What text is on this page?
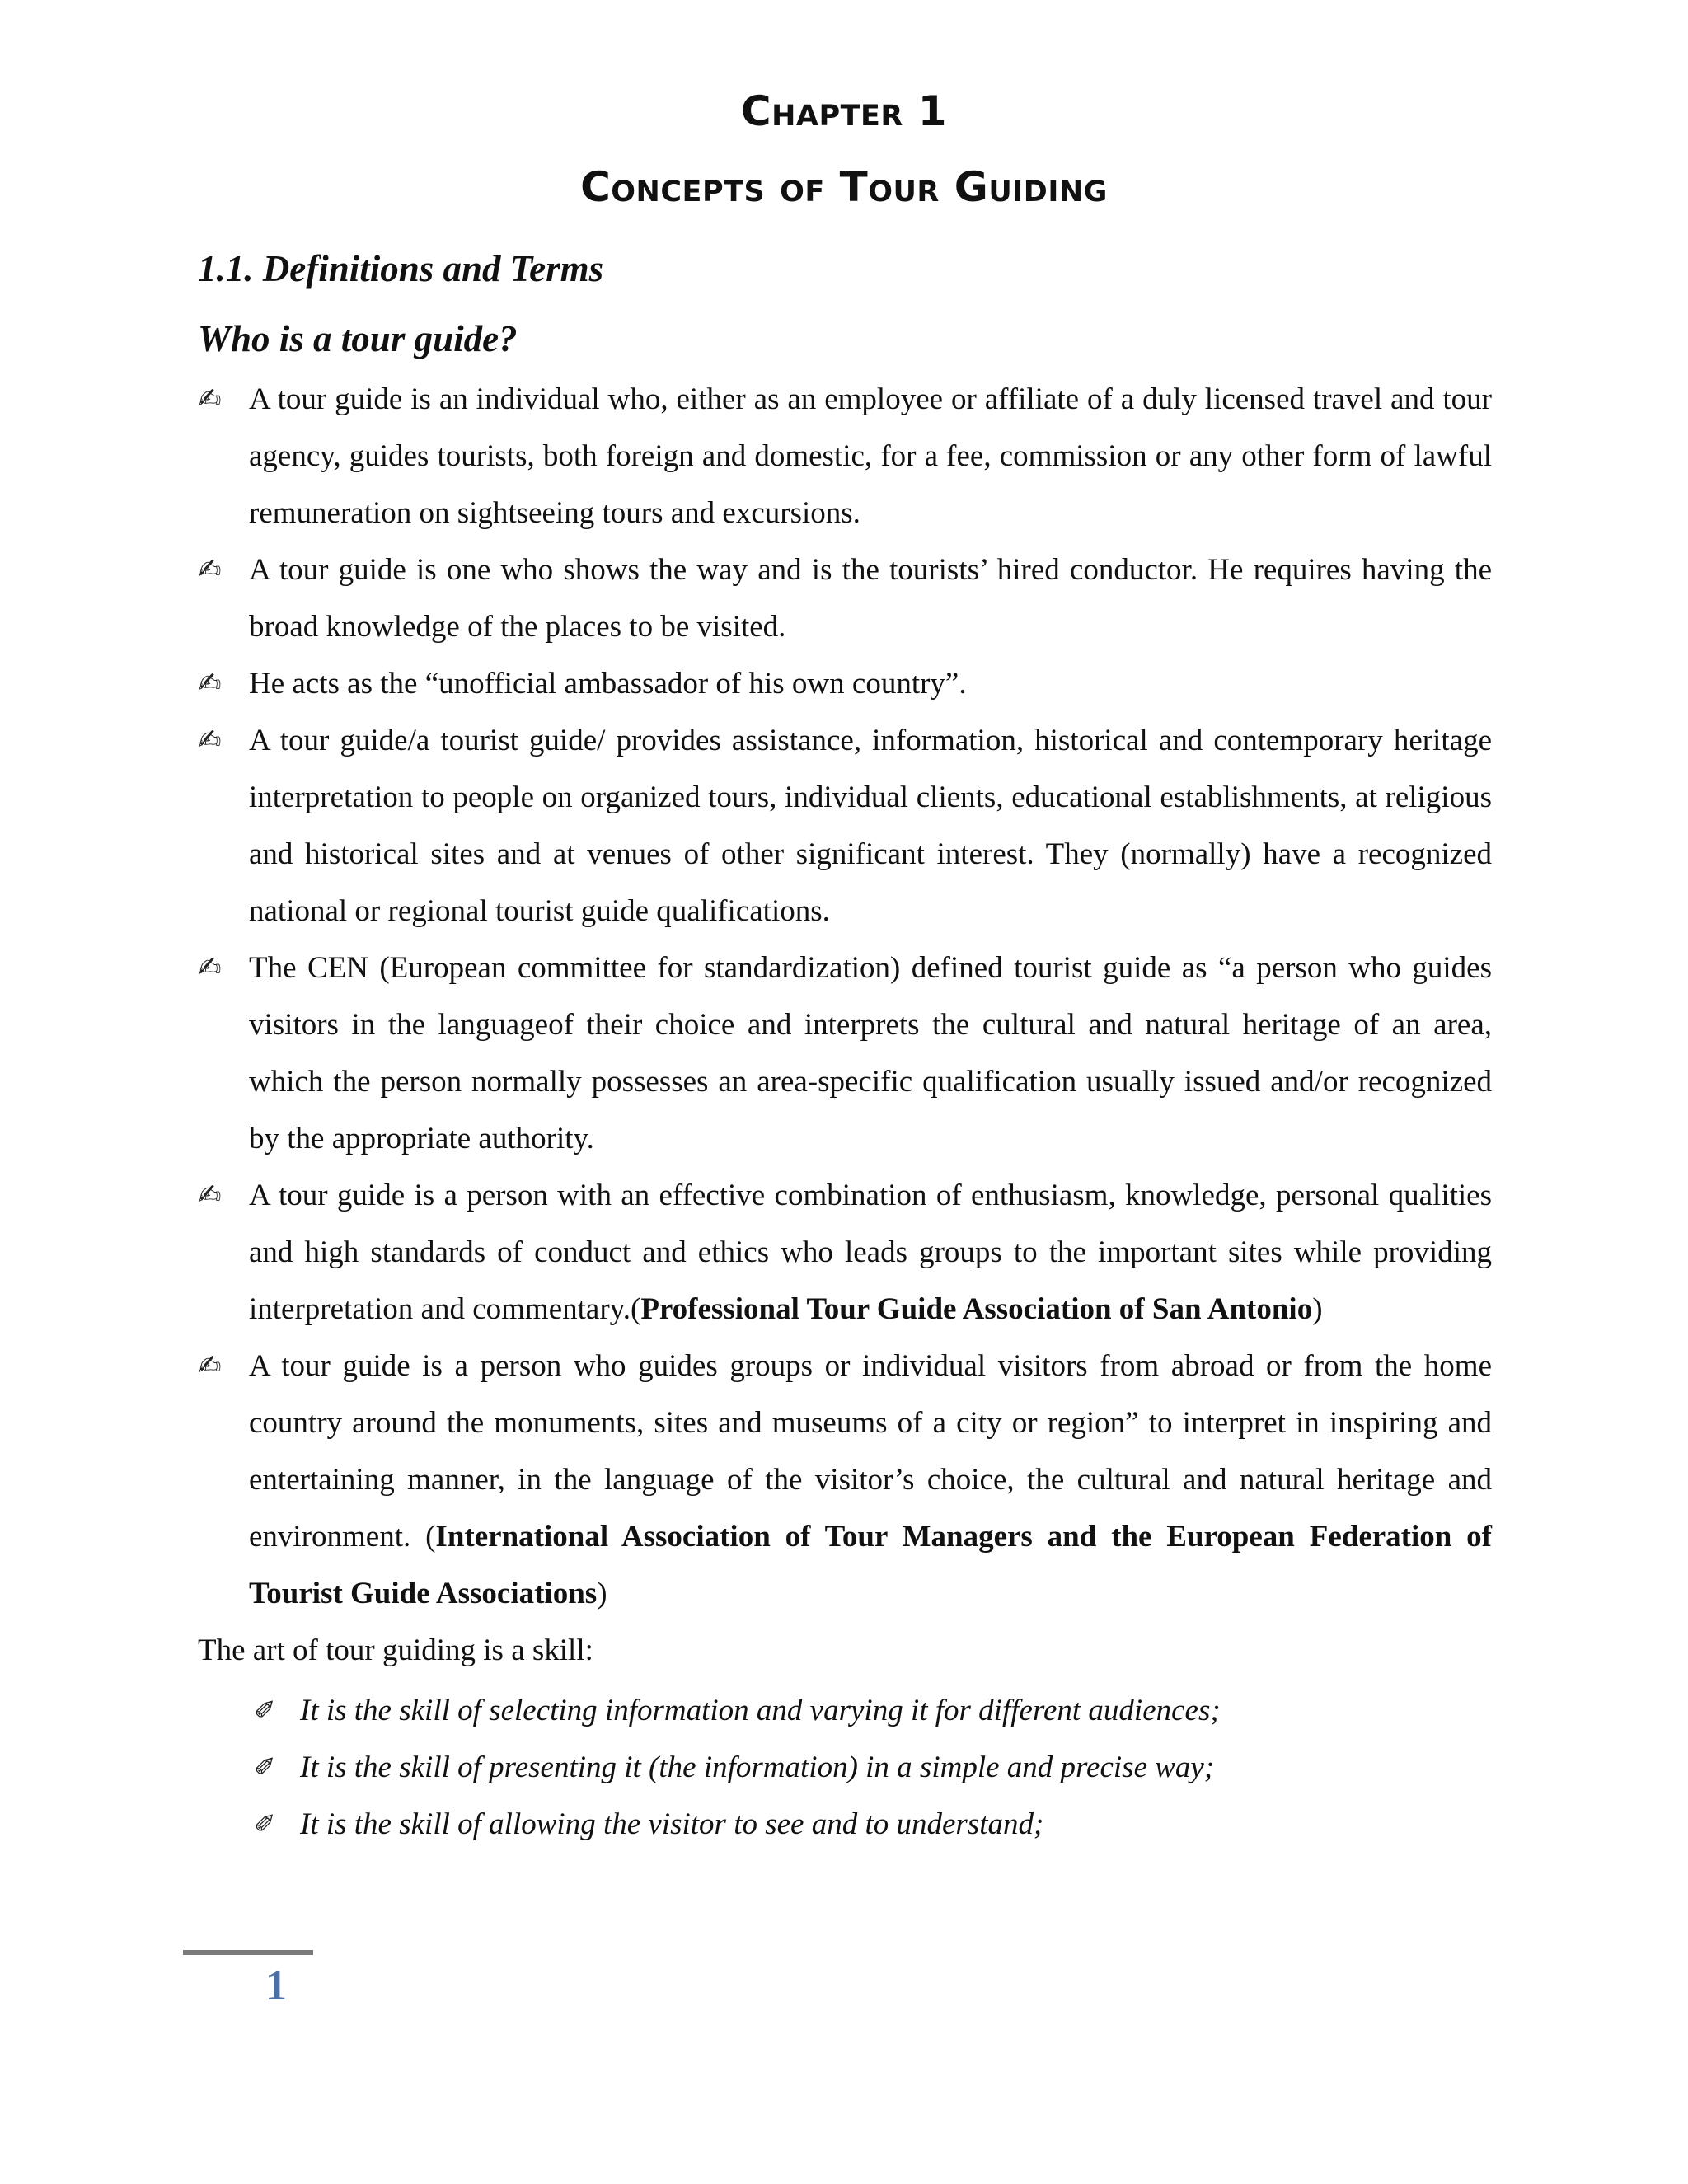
Chapter 1
Concepts of Tour Guiding
1.1. Definitions and Terms
Who is a tour guide?
✍ A tour guide is an individual who, either as an employee or affiliate of a duly licensed travel and tour agency, guides tourists, both foreign and domestic, for a fee, commission or any other form of lawful remuneration on sightseeing tours and excursions.
✍ A tour guide is one who shows the way and is the tourists’ hired conductor. He requires having the broad knowledge of the places to be visited.
✍ He acts as the “unofficial ambassador of his own country”.
✍ A tour guide/a tourist guide/ provides assistance, information, historical and contemporary heritage interpretation to people on organized tours, individual clients, educational establishments, at religious and historical sites and at venues of other significant interest. They (normally) have a recognized national or regional tourist guide qualifications.
✍ The CEN (European committee for standardization) defined tourist guide as “a person who guides visitors in the languageof their choice and interprets the cultural and natural heritage of an area, which the person normally possesses an area-specific qualification usually issued and/or recognized by the appropriate authority.
✍ A tour guide is a person with an effective combination of enthusiasm, knowledge, personal qualities and high standards of conduct and ethics who leads groups to the important sites while providing interpretation and commentary.(Professional Tour Guide Association of San Antonio)
✍ A tour guide is a person who guides groups or individual visitors from abroad or from the home country around the monuments, sites and museums of a city or region” to interpret in inspiring and entertaining manner, in the language of the visitor’s choice, the cultural and natural heritage and environment. (International Association of Tour Managers and the European Federation of Tourist Guide Associations)

The art of tour guiding is a skill:

✐ It is the skill of selecting information and varying it for different audiences;
✐ It is the skill of presenting it (the information) in a simple and precise way;
✐ It is the skill of allowing the visitor to see and to understand;
1
